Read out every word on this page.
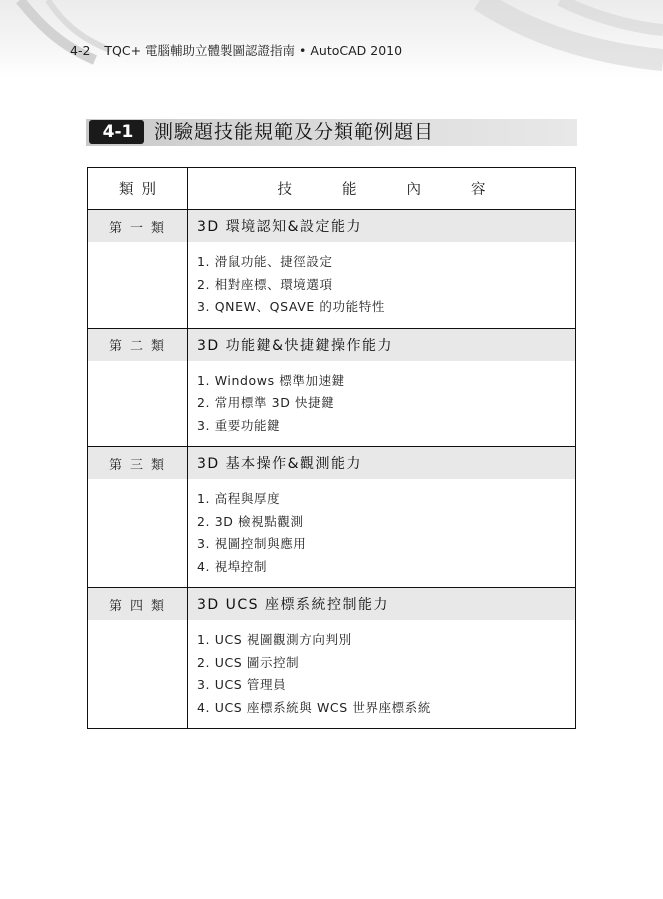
4-2 TQC+ 電腦輔助立體製圖認證指南 • AutoCAD 2010
4-1	測驗題技能規範及分類範例題目
類別	技能內容
第一類	3D 環境認知&設定能力

	1. 滑鼠功能、捷徑設定
2. 相對座標、環境選項
3. QNEW、QSAVE 的功能特性

第二類	3D 功能鍵&快捷鍵操作能力

	1. Windows 標準加速鍵
2. 常用標準 3D 快捷鍵
3. 重要功能鍵

第三類	3D 基本操作&觀測能力

	1. 高程與厚度
2. 3D 檢視點觀測
3. 視圖控制與應用
4. 視埠控制

第四類	3D UCS 座標系統控制能力

	1. UCS 視圖觀測方向判別
2. UCS 圖示控制
3. UCS 管理員
4. UCS 座標系統與 WCS 世界座標系統
